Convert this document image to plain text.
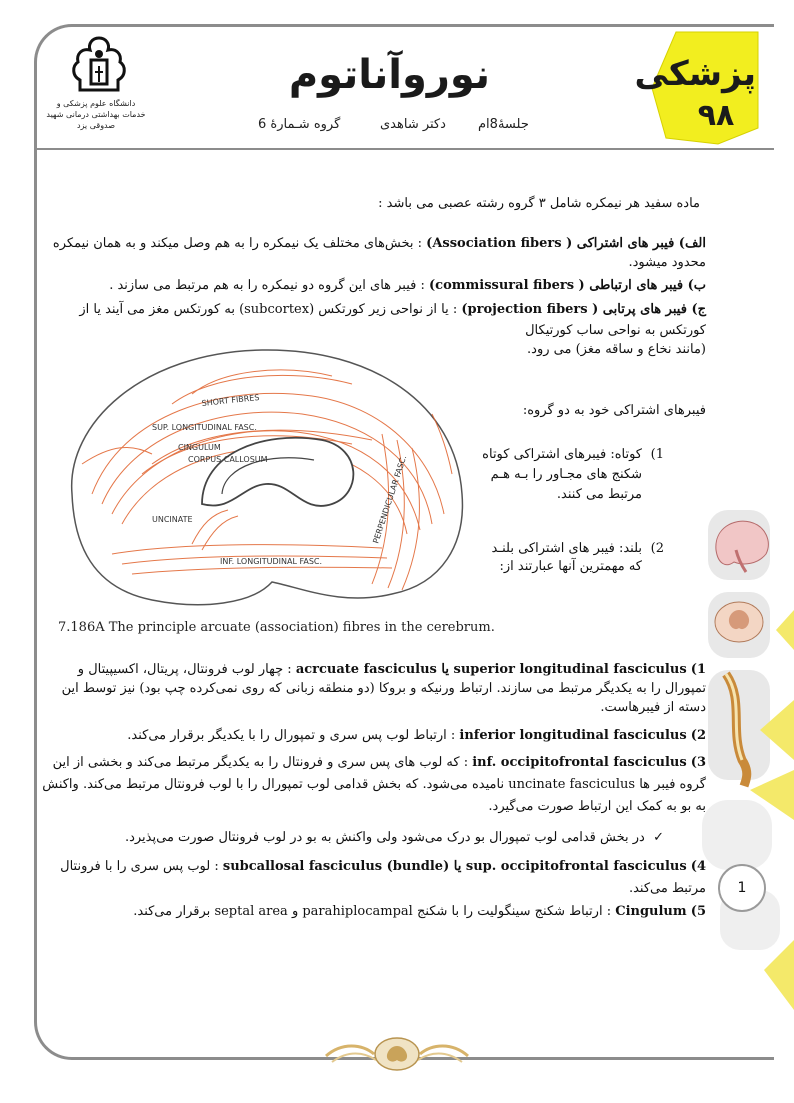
دانشگاه علوم پزشکی و خدمات بهداشتی درمانی شهید صدوقی یزد
نوروآناتوم
جلسهٔ8ام
دکتر شاهدی
گروه شـمارهٔ 6
پزشکی
۹۸
ماده سفید هر نیمکره شامل ۳ گروه رشته عصبی می باشد :
الف) فیبر های اشتراکی ( Association fibers) : بخش‌های مختلف یک نیمکره را به هم وصل میکند و به همان نیمکره محدود میشود.
ب) فیبر های ارتباطی ( commissural fibers) : فیبر های این گروه دو نیمکره را به هم مرتبط می سازند .
ج) فیبر های پرتابی ( projection fibers) : یا از نواحی زیر کورتکس (subcortex) به کورتکس مغز می آیند یا از
کورتکس به نواحی ساب کورتیکال
(مانند نخاع و ساقه مغز) می رود.
SUP. LONGITUDINAL FASC.
SHORT FIBRES
CINGULUM
CORPUS CALLOSUM
UNCINATE
INF. LONGITUDINAL FASC.
PERPENDICULAR FASC.
7.186A The principle arcuate (association) fibres in the cerebrum.
فیبرهای اشتراکی خود به دو گروه:
1)
کوتاه: فیبرهای اشتراکی کوتاه
شکنج های مجـاور را بـه هـم
مرتبط می کنند.
2)
بلند: فیبر های اشتراکی بلنـد
که مهمترین آنها عبارتند از:
1) superior longitudinal fasciculus یا acrcuate fasciculus : چهار لوب فرونتال، پریتال، اکسیپیتال و تمپورال را به یکدیگر مرتبط می سازند. ارتباط ورنیکه و بروکا (دو منطقه زبانی که روی نمی‌کرده چپ بود) نیز توسط این دسته از فیبرهاست.
2) inferior longitudinal fasciculus : ارتباط لوب پس سری و تمپورال را با یکدیگر برقرار می‌کند.
3) inf. occipitofrontal fasciculus : که لوب های پس سری و فرونتال را به یکدیگر مرتبط می‌کند و بخشی از این گروه فیبر ها uncinate fasciculus نامیده می‌شود. که بخش قدامی لوب تمپورال را با لوب فرونتال مرتبط می‌کند. واکنش به بو به کمک این ارتباط صورت می‌گیرد.
✓  در بخش قدامی لوب تمپورال بو درک می‌شود ولی واکنش به بو در لوب فرونتال صورت می‌پذیرد.
4) sup. occipitofrontal fasciculus یا subcallosal fasciculus (bundle) : لوب پس سری را با فرونتال مرتبط می‌کند.
5) Cingulum : ارتباط شکنج سینگولیت را با شکنج parahiplocampal و septal area برقرار می‌کند.
1
